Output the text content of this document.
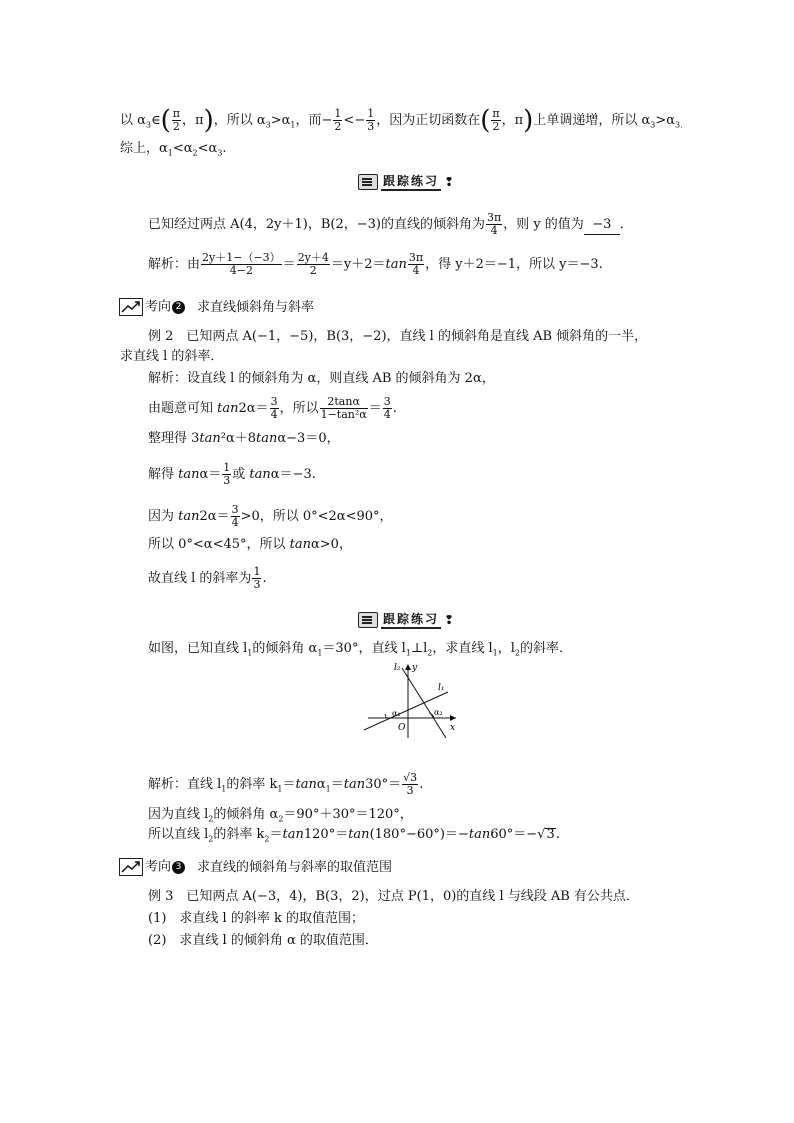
以 $\alpha_3\in( \frac{\pi}{2}$ ，π)，所以 $\alpha_3>\alpha_1$，而− $\frac{1}{2} <- \frac{1}{3}$ ，因为正切函数在( $\frac{\pi}{2}$ ，π)上单调递增，所以 $\alpha_3>\alpha_{3.}$
综上，$\alpha_1<\alpha_2<\alpha_3$.
跟踪练习 ❢
已知经过两点 A(4，2y＋1)，B(2，−3)的直线的倾斜角为 $\frac{3\pi}{4}$ ，则 y 的值为 −3 ．
解析：由 $\frac{2y+1-(-3)}{4-2} = \frac{2y+4}{2} =y+2=\tan \frac{3\pi}{4}$ ，得 y＋2＝−1，所以 y＝−3.
考向 2 求直线倾斜角与斜率
例 2　已知两点 A(−1，−5)，B(3，−2)，直线 l 的倾斜角是直线 AB 倾斜角的一半，
求直线 l 的斜率．
解析：设直线 l 的倾斜角为 α，则直线 AB 的倾斜角为 2α，
由题意可知 $\tan 2\alpha= \frac{3}{4}$ ，所以 $\frac{2\tan\alpha}{\text{1−tan²α}} = \frac{3}{4}$ .
整理得 3tan²α＋8tanα−3＝0，
解得 $\tan\alpha= \frac{1}{3}$ 或 tanα＝−3.
因为 $\tan 2\alpha= \frac{3}{4} >0$，所以 0°<2α<90°，
所以 0°<α<45°，所以 tanα>0，
故直线 l 的斜率为 $\frac{1}{3}$ .
跟踪练习 ❢
如图，已知直线 $l_1$的倾斜角 $\alpha_1=30^\circ$，直线 $l_1\perp l_2$，求直线 $l_1$，$l_2$的斜率．
l₂ y
l₁
α₁	α₂
O	x
解析：直线 $l_1$的斜率 $k_1=\tan\alpha_1=\tan 30^\circ= \frac{√3}{3}$ .
因为直线 $l_2$的倾斜角 $\alpha_2=90^\circ+30^\circ=120^\circ$，
所以直线 $l_2$的斜率 $k_2=\tan 120^\circ=\tan(180^\circ-60^\circ)=-\tan 60^\circ=-√3$.
考向 3 求直线的倾斜角与斜率的取值范围
例 3　已知两点 A(−3，4)，B(3，2)，过点 P(1，0)的直线 l 与线段 AB 有公共点．
(1)　求直线 l 的斜率 k 的取值范围；
(2)　求直线 l 的倾斜角 α 的取值范围．
